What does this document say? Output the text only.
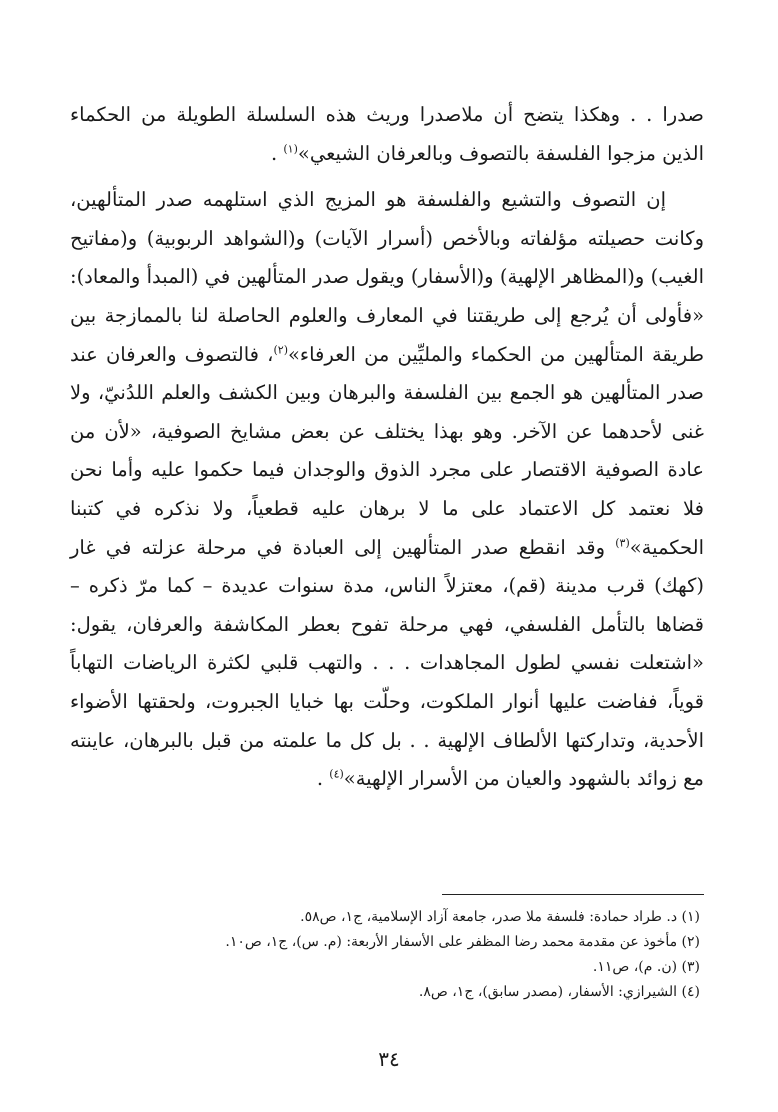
صدرا . . وهكذا يتضح أن ملاصدرا وريث هذه السلسلة الطويلة من الحكماء الذين مزجوا الفلسفة بالتصوف وبالعرفان الشيعي»$^{(١)}$ .

إن التصوف والتشيع والفلسفة هو المزيج الذي استلهمه صدر المتألهين، وكانت حصيلته مؤلفاته وبالأخص (أسرار الآيات) و(الشواهد الربوبية) و(مفاتيح الغيب) و(المظاهر الإلهية) و(الأسفار) ويقول صدر المتألهين في (المبدأ والمعاد): «فأولى أن يُرجع إلى طريقتنا في المعارف والعلوم الحاصلة لنا بالممازجة بين طريقة المتألهين من الحكماء والمليِّين من العرفاء»$^{(٢)}$، فالتصوف والعرفان عند صدر المتألهين هو الجمع بين الفلسفة والبرهان وبين الكشف والعلم اللدُنيّ، ولا غنى لأحدهما عن الآخر. وهو بهذا يختلف عن بعض مشايخ الصوفية، «لأن من عادة الصوفية الاقتصار على مجرد الذوق والوجدان فيما حكموا عليه وأما نحن فلا نعتمد كل الاعتماد على ما لا برهان عليه قطعياً، ولا نذكره في كتبنا الحكمية»$^{(٣)}$ وقد انقطع صدر المتألهين إلى العبادة في مرحلة عزلته في غار (كهك) قرب مدينة (قم)، معتزلاً الناس، مدة سنوات عديدة – كما مرّ ذكره – قضاها بالتأمل الفلسفي، فهي مرحلة تفوح بعطر المكاشفة والعرفان، يقول: «اشتعلت نفسي لطول المجاهدات . . . والتهب قلبي لكثرة الرياضات التهاباً قوياً، ففاضت عليها أنوار الملكوت، وحلّت بها خبايا الجبروت، ولحقتها الأضواء الأحدية، وتداركتها الألطاف الإلهية . . بل كل ما علمته من قبل بالبرهان، عاينته مع زوائد بالشهود والعيان من الأسرار الإلهية»$^{(٤)}$ .

(١) د. طراد حمادة: فلسفة ملا صدر، جامعة آزاد الإسلامية، ج١، ص٥٨.

(٢) مأخوذ عن مقدمة محمد رضا المظفر على الأسفار الأربعة: (م. س)، ج١، ص١٠.

(٣) (ن. م)، ص١١.

(٤) الشيرازي: الأسفار، (مصدر سابق)، ج١، ص٨.

٣٤
